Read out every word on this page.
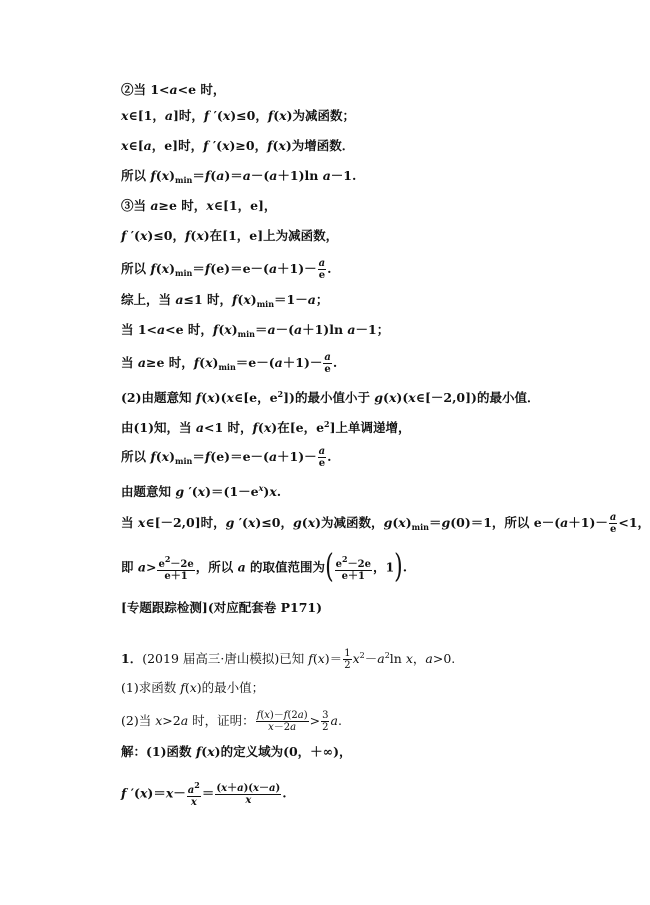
②当 1<a<e 时，
x∈[1，a]时，f ′(x)≤0，f(x)为减函数；
x∈[a，e]时，f ′(x)≥0，f(x)为增函数．
所以 $f(x)_{min}=f(a)=a-(a+1)\ln$ a－1.
③当 a≥e 时，x∈[1，e]，
f ′(x)≤0，f(x)在[1，e]上为减函数，
所以 $f(x)_{min}=f(e)=e-(a+1)- \frac{a}{e}$ .
综上，当 a≤1 时，$f(x)_{min}=1-a$；
当 1<a<e 时，$f(x)_{min}=a-(a+1)\ln$ a－1；
当 a≥e 时，$f(x)_{min}=e-(a+1)- \frac{a}{e}$ .
(2)由题意知 f(x)(x∈[e，$e^2$])的最小值小于 g(x)(x∈[－2,0])的最小值．
由(1)知，当 a<1 时，f(x)在[e，$e^2$]上单调递增，
所以 $f(x)_{min}=f(e)=e-(a+1)- \frac{a}{e}$ .
由题意知 g $'(x)=(1-e^x)x$.
当 x∈[－2,0]时，g ′(x)≤0，g(x)为减函数，$g(x)_{min}=g(0)=1$，所以 $e-(a+1)- \frac{a}{e} <1$，
即 $a> \frac{e^2-2e}{e+1}$ ，所以 a 的取值范围为( $\frac{e^2-2e}{e+1}$ ，1).
[专题跟踪检测](对应配套卷 P171)
1．(2019 届高三·唐山模拟)已知 $f(x)= \frac{1}{2} x^2-a^2\ln$ x，a>0.
(1)求函数 f(x)的最小值；
(2)当 x>2a 时，证明： $\frac{f(x)-f(2a)}{x-2a} > \frac{3}{2} a$.
解：(1)函数 f(x)的定义域为(0，＋∞)，
f $'(x)=x- \frac{a^2}{x} = \frac{(x+a)(x-a)}{x}$ .
